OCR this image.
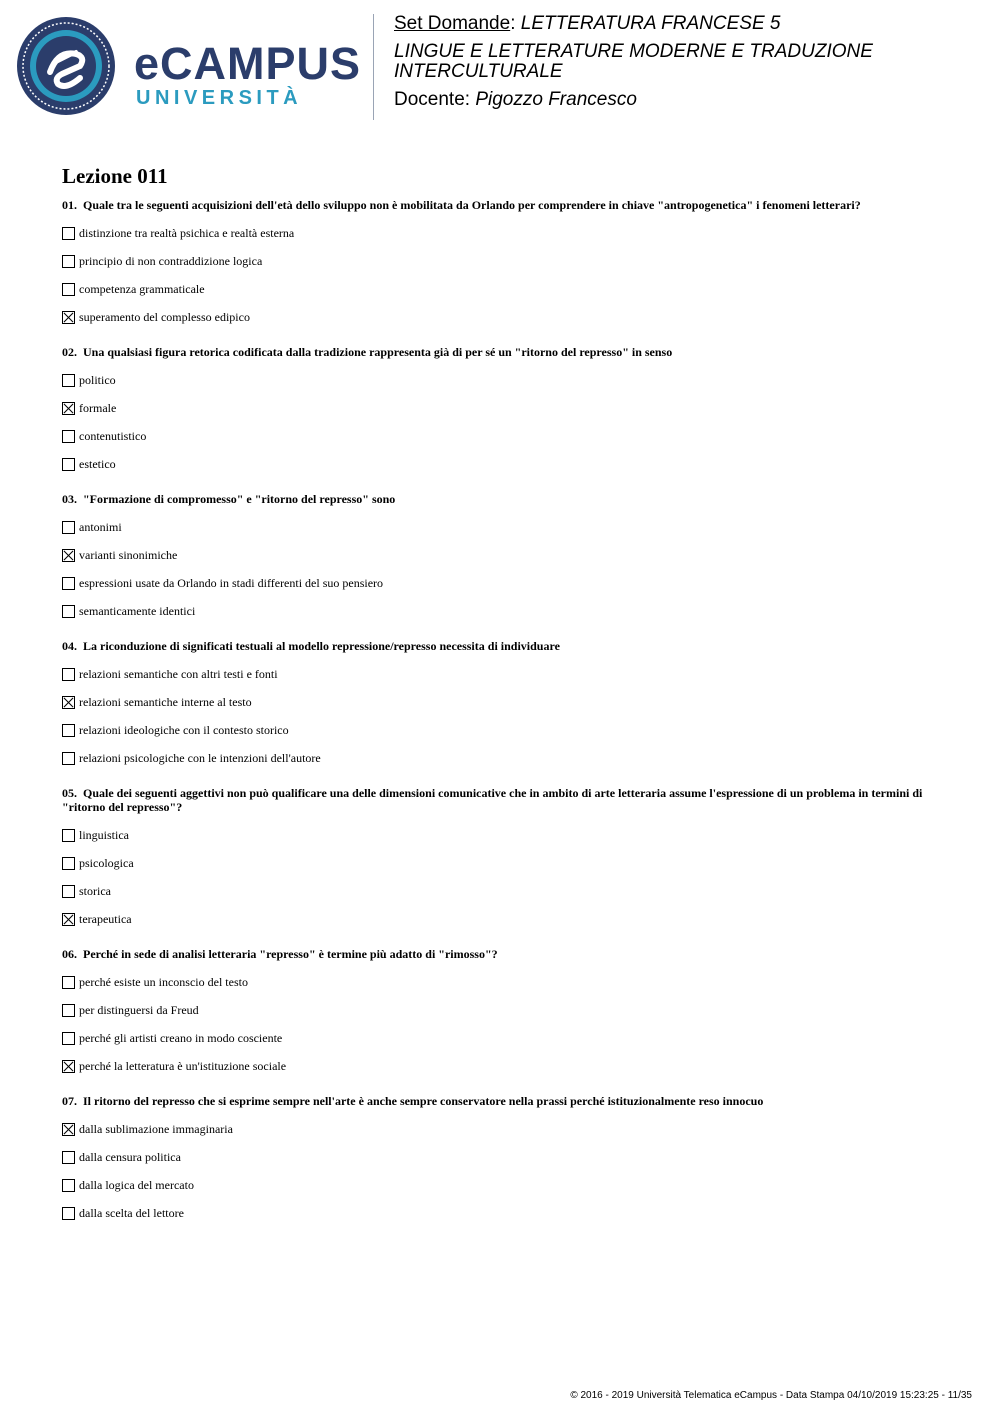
eCAMPUS
UNIVERSITÀ

Set Domande: LETTERATURA FRANCESE 5

LINGUE E LETTERATURE MODERNE E TRADUZIONE INTERCULTURALE

Docente: Pigozzo Francesco

Lezione 011

01. Quale tra le seguenti acquisizioni dell'età dello sviluppo non è mobilitata da Orlando per comprendere in chiave "antropogenetica" i fenomeni letterari?

distinzione tra realtà psichica e realtà esterna
principio di non contraddizione logica
competenza grammaticale
superamento del complesso edipico

02. Una qualsiasi figura retorica codificata dalla tradizione rappresenta già di per sé un "ritorno del represso" in senso

politico
formale
contenutistico
estetico

03. "Formazione di compromesso" e "ritorno del represso" sono

antonimi
varianti sinonimiche
espressioni usate da Orlando in stadi differenti del suo pensiero
semanticamente identici

04. La riconduzione di significati testuali al modello repressione/represso necessita di individuare

relazioni semantiche con altri testi e fonti
relazioni semantiche interne al testo
relazioni ideologiche con il contesto storico
relazioni psicologiche con le intenzioni dell'autore

05. Quale dei seguenti aggettivi non può qualificare una delle dimensioni comunicative che in ambito di arte letteraria assume l'espressione di un problema in termini di "ritorno del represso"?

linguistica
psicologica
storica
terapeutica

06. Perché in sede di analisi letteraria "represso" è termine più adatto di "rimosso"?

perché esiste un inconscio del testo
per distinguersi da Freud
perché gli artisti creano in modo cosciente
perché la letteratura è un'istituzione sociale

07. Il ritorno del represso che si esprime sempre nell'arte è anche sempre conservatore nella prassi perché istituzionalmente reso innocuo

dalla sublimazione immaginaria
dalla censura politica
dalla logica del mercato
dalla scelta del lettore
© 2016 - 2019 Università Telematica eCampus - Data Stampa 04/10/2019 15:23:25 - 11/35
